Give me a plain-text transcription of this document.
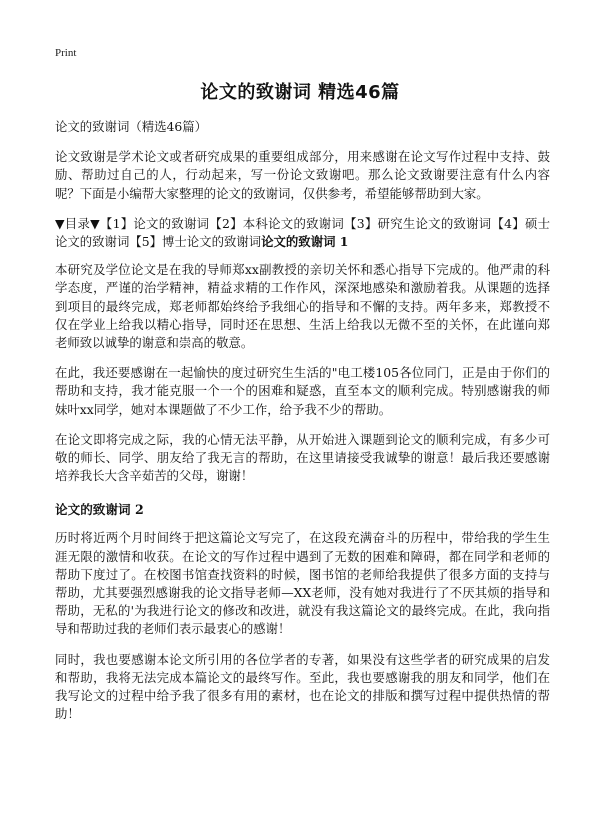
Print
论文的致谢词 精选46篇

论文的致谢词（精选46篇）

论文致谢是学术论文或者研究成果的重要组成部分，用来感谢在论文写作过程中支持、鼓励、帮助过自己的人，行动起来，写一份论文致谢吧。那么论文致谢要注意有什么内容呢？下面是小编帮大家整理的论文的致谢词，仅供参考，希望能够帮助到大家。

▼目录▼【1】论文的致谢词【2】本科论文的致谢词【3】研究生论文的致谢词【4】硕士论文的致谢词【5】博士论文的致谢词论文的致谢词 1

本研究及学位论文是在我的导师郑xx副教授的亲切关怀和悉心指导下完成的。他严肃的科学态度，严谨的治学精神，精益求精的工作作风，深深地感染和激励着我。从课题的选择到项目的最终完成，郑老师都始终给予我细心的指导和不懈的支持。两年多来，郑教授不仅在学业上给我以精心指导，同时还在思想、生活上给我以无微不至的关怀，在此谨向郑老师致以诚挚的谢意和崇高的敬意。

在此，我还要感谢在一起愉快的度过研究生生活的"电工楼105各位同门，正是由于你们的帮助和支持，我才能克服一个一个的困难和疑惑，直至本文的顺利完成。特别感谢我的师妹叶xx同学，她对本课题做了不少工作，给予我不少的帮助。

在论文即将完成之际，我的心情无法平静，从开始进入课题到论文的顺利完成，有多少可敬的师长、同学、朋友给了我无言的帮助，在这里请接受我诚挚的谢意！最后我还要感谢培养我长大含辛茹苦的父母，谢谢！

论文的致谢词 2

历时将近两个月时间终于把这篇论文写完了，在这段充满奋斗的历程中，带给我的学生生涯无限的激情和收获。在论文的写作过程中遇到了无数的困难和障碍，都在同学和老师的帮助下度过了。在校图书馆查找资料的时候，图书馆的老师给我提供了很多方面的支持与帮助，尤其要强烈感谢我的论文指导老师—XX老师，没有她对我进行了不厌其烦的指导和帮助，无私的'为我进行论文的修改和改进，就没有我这篇论文的最终完成。在此，我向指导和帮助过我的老师们表示最衷心的感谢！

同时，我也要感谢本论文所引用的各位学者的专著，如果没有这些学者的研究成果的启发和帮助，我将无法完成本篇论文的最终写作。至此，我也要感谢我的朋友和同学，他们在我写论文的过程中给予我了很多有用的素材，也在论文的排版和撰写过程中提供热情的帮助！
